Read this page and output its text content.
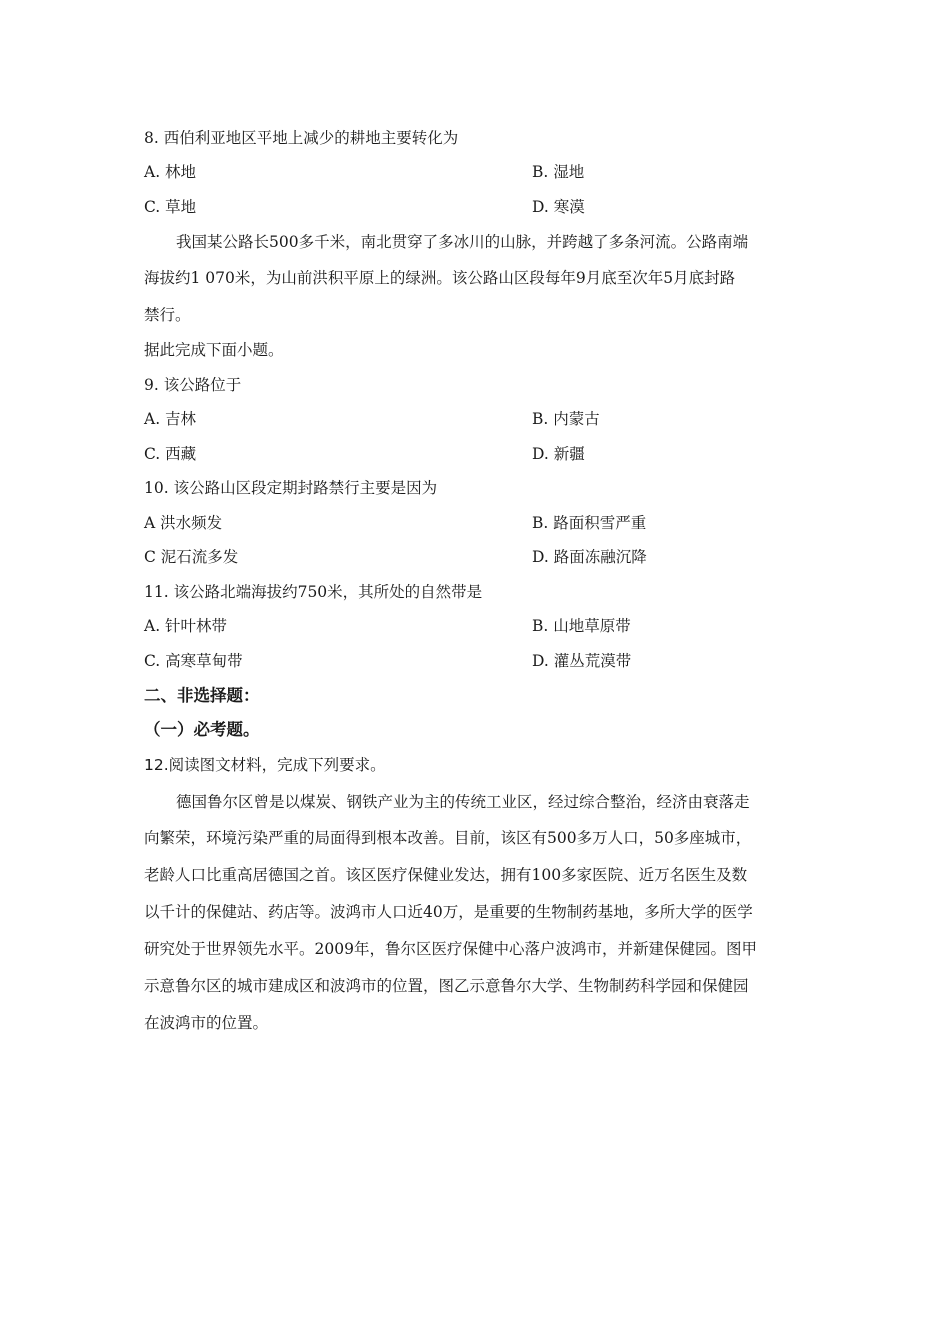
8. 西伯利亚地区平地上减少的耕地主要转化为
A. 林地	B. 湿地
C. 草地	D. 寒漠
我国某公路长500多千米，南北贯穿了多冰川的山脉，并跨越了多条河流。公路南端
海拔约1 070米，为山前洪积平原上的绿洲。该公路山区段每年9月底至次年5月底封路
禁行。
据此完成下面小题。
9. 该公路位于
A. 吉林	B. 内蒙古
C. 西藏	D. 新疆
10. 该公路山区段定期封路禁行主要是因为
A 洪水频发	B. 路面积雪严重
C 泥石流多发	D. 路面冻融沉降
11. 该公路北端海拔约750米，其所处的自然带是
A. 针叶林带	B. 山地草原带
C. 高寒草甸带	D. 灌丛荒漠带
二、非选择题：
（一）必考题。
12.阅读图文材料，完成下列要求。
德国鲁尔区曾是以煤炭、钢铁产业为主的传统工业区，经过综合整治，经济由衰落走
向繁荣，环境污染严重的局面得到根本改善。目前，该区有500多万人口，50多座城市，
老龄人口比重高居德国之首。该区医疗保健业发达，拥有100多家医院、近万名医生及数
以千计的保健站、药店等。波鸿市人口近40万，是重要的生物制药基地，多所大学的医学
研究处于世界领先水平。2009年，鲁尔区医疗保健中心落户波鸿市，并新建保健园。图甲
示意鲁尔区的城市建成区和波鸿市的位置，图乙示意鲁尔大学、生物制药科学园和保健园
在波鸿市的位置。
